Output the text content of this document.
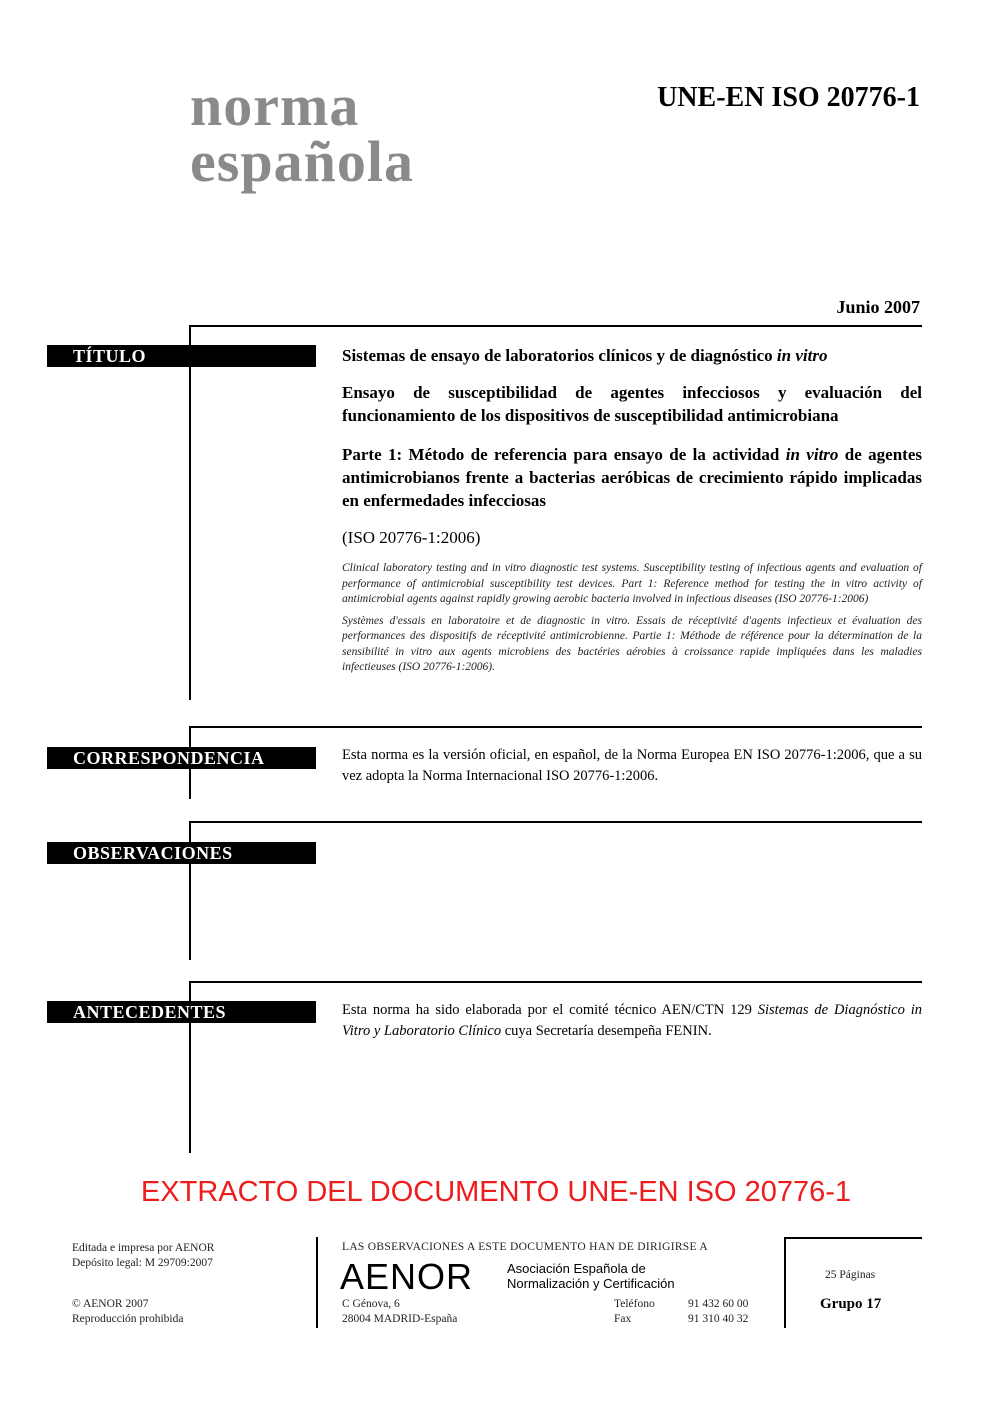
norma
española
UNE-EN ISO 20776-1
Junio 2007
TÍTULO	Sistemas de ensayo de laboratorios clínicos y de diagnóstico in vitro

Ensayo de susceptibilidad de agentes infecciosos y evaluación del funcionamiento de los dispositivos de susceptibilidad antimicrobiana

Parte 1: Método de referencia para ensayo de la actividad in vitro de agentes antimicrobianos frente a bacterias aeróbicas de crecimiento rápido implicadas en enfermedades infecciosas

(ISO 20776-1:2006)

Clinical laboratory testing and in vitro diagnostic test systems. Susceptibility testing of infectious agents and evaluation of performance of antimicrobial susceptibility test devices. Part 1: Reference method for testing the in vitro activity of antimicrobial agents against rapidly growing aerobic bacteria involved in infectious diseases (ISO 20776-1:2006)

Systèmes d'essais en laboratoire et de diagnostic in vitro. Essais de réceptivité d'agents infectieux et évaluation des performances des dispositifs de réceptivité antimicrobienne. Partie 1: Méthode de référence pour la détermination de la sensibilité in vitro aux agents microbiens des bactéries aérobies à croissance rapide impliquées dans les maladies infectieuses (ISO 20776-1:2006).

CORRESPONDENCIA	Esta norma es la versión oficial, en español, de la Norma Europea EN ISO 20776-1:2006, que a su vez adopta la Norma Internacional ISO 20776-1:2006.

OBSERVACIONES
ANTECEDENTES	Esta norma ha sido elaborada por el comité técnico AEN/CTN 129 Sistemas de Diagnóstico in Vitro y Laboratorio Clínico cuya Secretaría desempeña FENIN.

EXTRACTO DEL DOCUMENTO UNE-EN ISO 20776-1
Editada e impresa por AENOR
Depósito legal: M 29709:2007
© AENOR 2007
Reproducción prohibida
LAS OBSERVACIONES A ESTE DOCUMENTO HAN DE DIRIGIRSE A
AENOR	Asociación Española de
Normalización y Certificación
C Génova, 6
28004 MADRID-España
Teléfono	91 432 60 00
Fax	91 310 40 32
25 Páginas
Grupo 17
